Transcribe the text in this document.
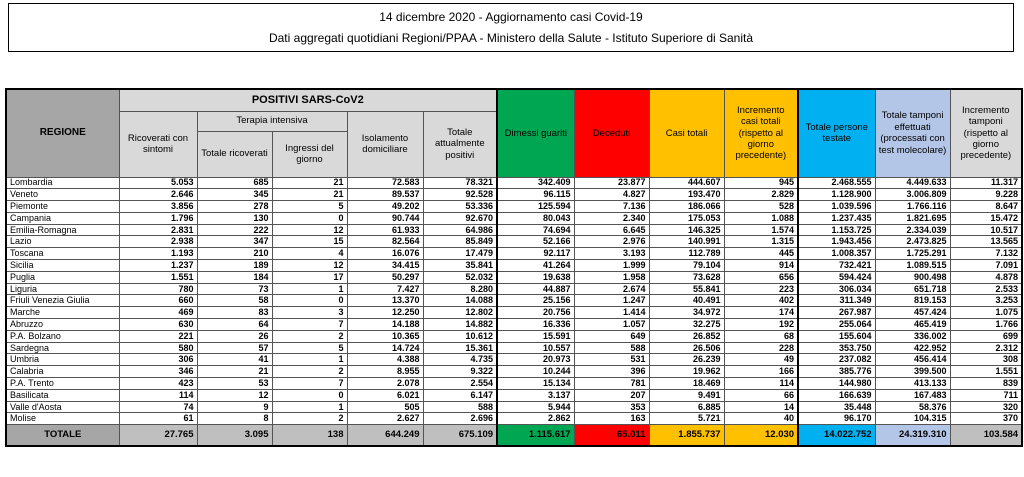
14 dicembre 2020 - Aggiornamento casi Covid-19
Dati aggregati quotidiani Regioni/PPAA - Ministero della Salute - Istituto Superiore di Sanità
REGIONE	POSITIVI SARS-CoV2					Dimessi guariti	Deceduti	Casi totali	Incremento casi totali (rispetto al giorno precedente)	Totale persone testate	Totale tamponi effettuati (processati con test molecolare)	Incremento tamponi (rispetto al giorno precedente)
	Ricoverati con sintomi	Terapia intensiva		Isolamento domiciliare	Totale attualmente positivi							
		Totale ricoverati	Ingressi del giorno									
Lombardia	5.053	685	21	72.583	78.321	342.409	23.877	444.607	945	2.468.555	4.449.633	11.317
Veneto	2.646	345	21	89.537	92.528	96.115	4.827	193.470	2.829	1.128.900	3.006.809	9.228
Piemonte	3.856	278	5	49.202	53.336	125.594	7.136	186.066	528	1.039.596	1.766.116	8.647
Campania	1.796	130	0	90.744	92.670	80.043	2.340	175.053	1.088	1.237.435	1.821.695	15.472
Emilia-Romagna	2.831	222	12	61.933	64.986	74.694	6.645	146.325	1.574	1.153.725	2.334.039	10.517
Lazio	2.938	347	15	82.564	85.849	52.166	2.976	140.991	1.315	1.943.456	2.473.825	13.565
Toscana	1.193	210	4	16.076	17.479	92.117	3.193	112.789	445	1.008.357	1.725.291	7.132
Sicilia	1.237	189	12	34.415	35.841	41.264	1.999	79.104	914	732.421	1.089.515	7.091
Puglia	1.551	184	17	50.297	52.032	19.638	1.958	73.628	656	594.424	900.498	4.878
Liguria	780	73	1	7.427	8.280	44.887	2.674	55.841	223	306.034	651.718	2.533
Friuli Venezia Giulia	660	58	0	13.370	14.088	25.156	1.247	40.491	402	311.349	819.153	3.253
Marche	469	83	3	12.250	12.802	20.756	1.414	34.972	174	267.987	457.424	1.075
Abruzzo	630	64	7	14.188	14.882	16.336	1.057	32.275	192	255.064	465.419	1.766
P.A. Bolzano	221	26	2	10.365	10.612	15.591	649	26.852	68	155.604	336.002	699
Sardegna	580	57	5	14.724	15.361	10.557	588	26.506	228	353.750	422.952	2.312
Umbria	306	41	1	4.388	4.735	20.973	531	26.239	49	237.082	456.414	308
Calabria	346	21	2	8.955	9.322	10.244	396	19.962	166	385.776	399.500	1.551
P.A. Trento	423	53	7	2.078	2.554	15.134	781	18.469	114	144.980	413.133	839
Basilicata	114	12	0	6.021	6.147	3.137	207	9.491	66	166.639	167.483	711
Valle d'Aosta	74	9	1	505	588	5.944	353	6.885	14	35.448	58.376	320
Molise	61	8	2	2.627	2.696	2.862	163	5.721	40	96.170	104.315	370
TOTALE	27.765	3.095	138	644.249	675.109	1.115.617	65.011	1.855.737	12.030	14.022.752	24.319.310	103.584
